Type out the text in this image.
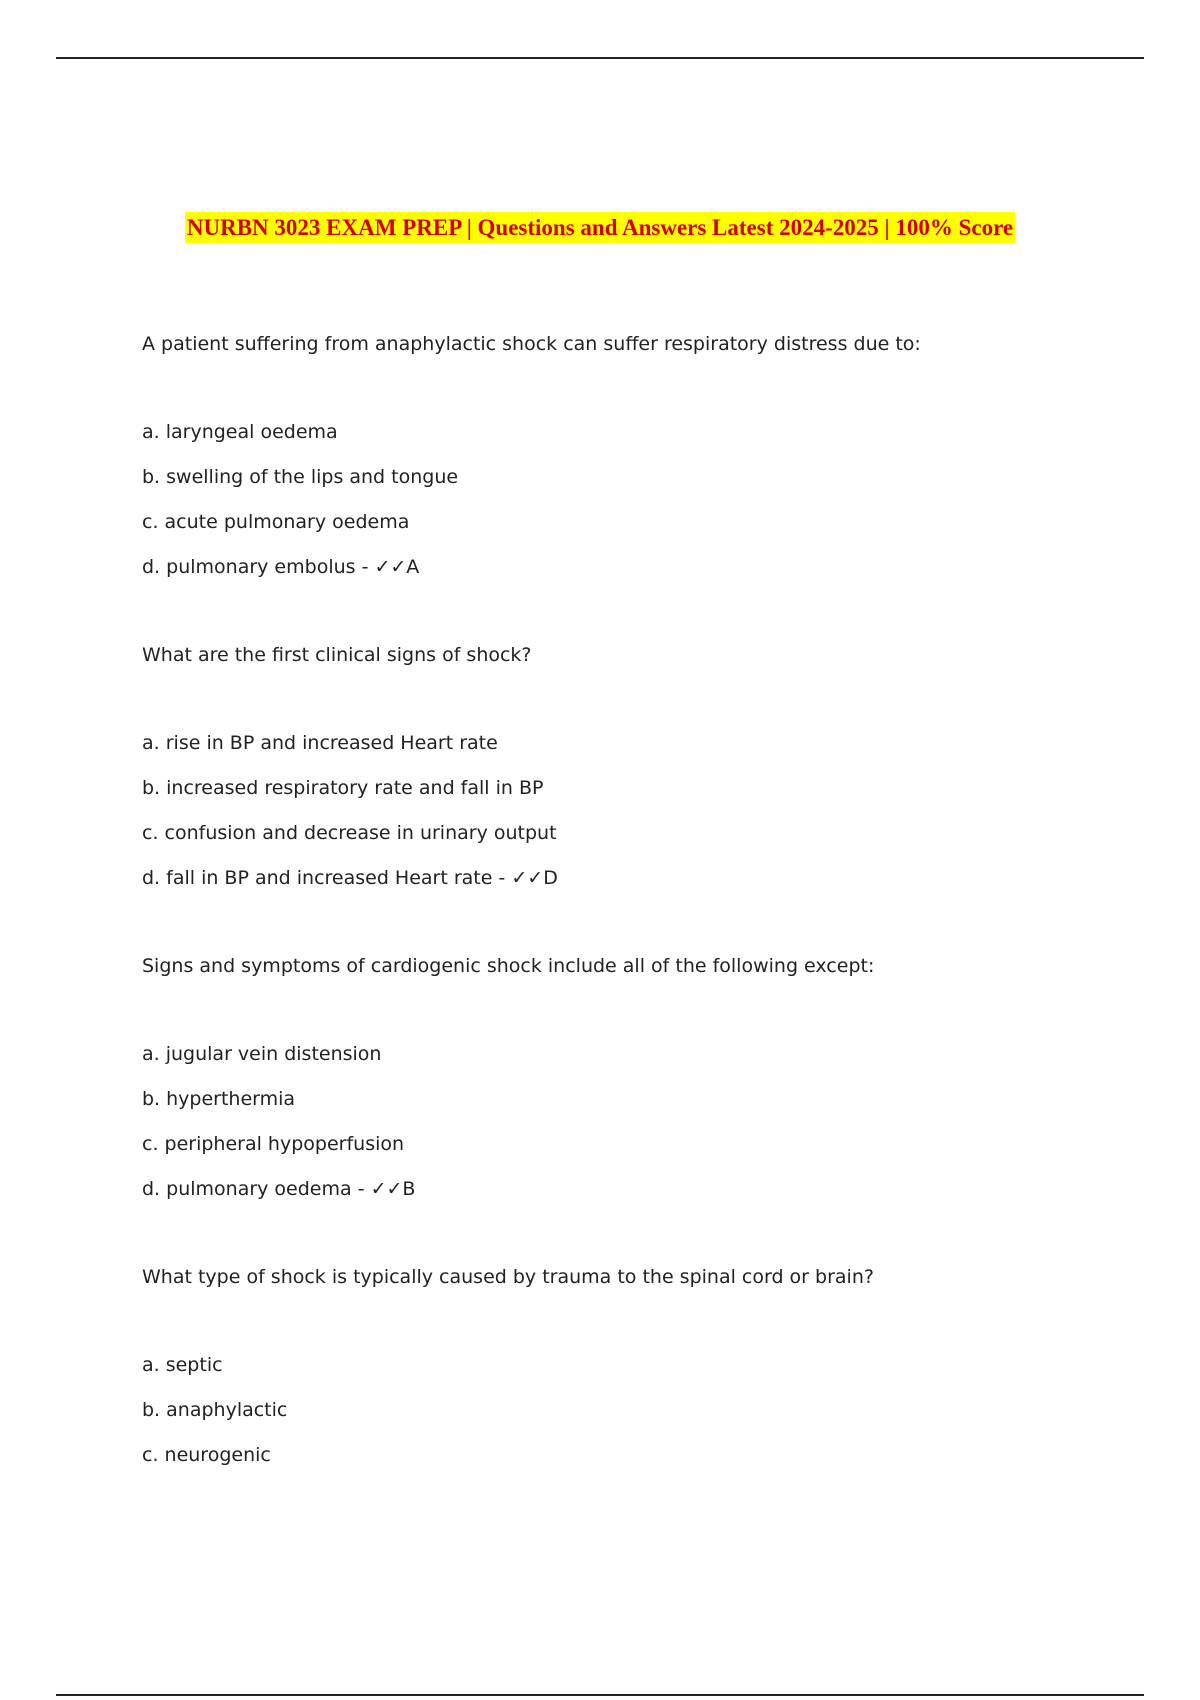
NURBN 3023 EXAM PREP | Questions and Answers Latest 2024-2025 | 100% Score
A patient suffering from anaphylactic shock can suffer respiratory distress due to:
a. laryngeal oedema
b. swelling of the lips and tongue
c. acute pulmonary oedema
d. pulmonary embolus - ✓✓A
What are the first clinical signs of shock?
a. rise in BP and increased Heart rate
b. increased respiratory rate and fall in BP
c. confusion and decrease in urinary output
d. fall in BP and increased Heart rate - ✓✓D
Signs and symptoms of cardiogenic shock include all of the following except:
a. jugular vein distension
b. hyperthermia
c. peripheral hypoperfusion
d. pulmonary oedema - ✓✓B
What type of shock is typically caused by trauma to the spinal cord or brain?
a. septic
b. anaphylactic
c. neurogenic
